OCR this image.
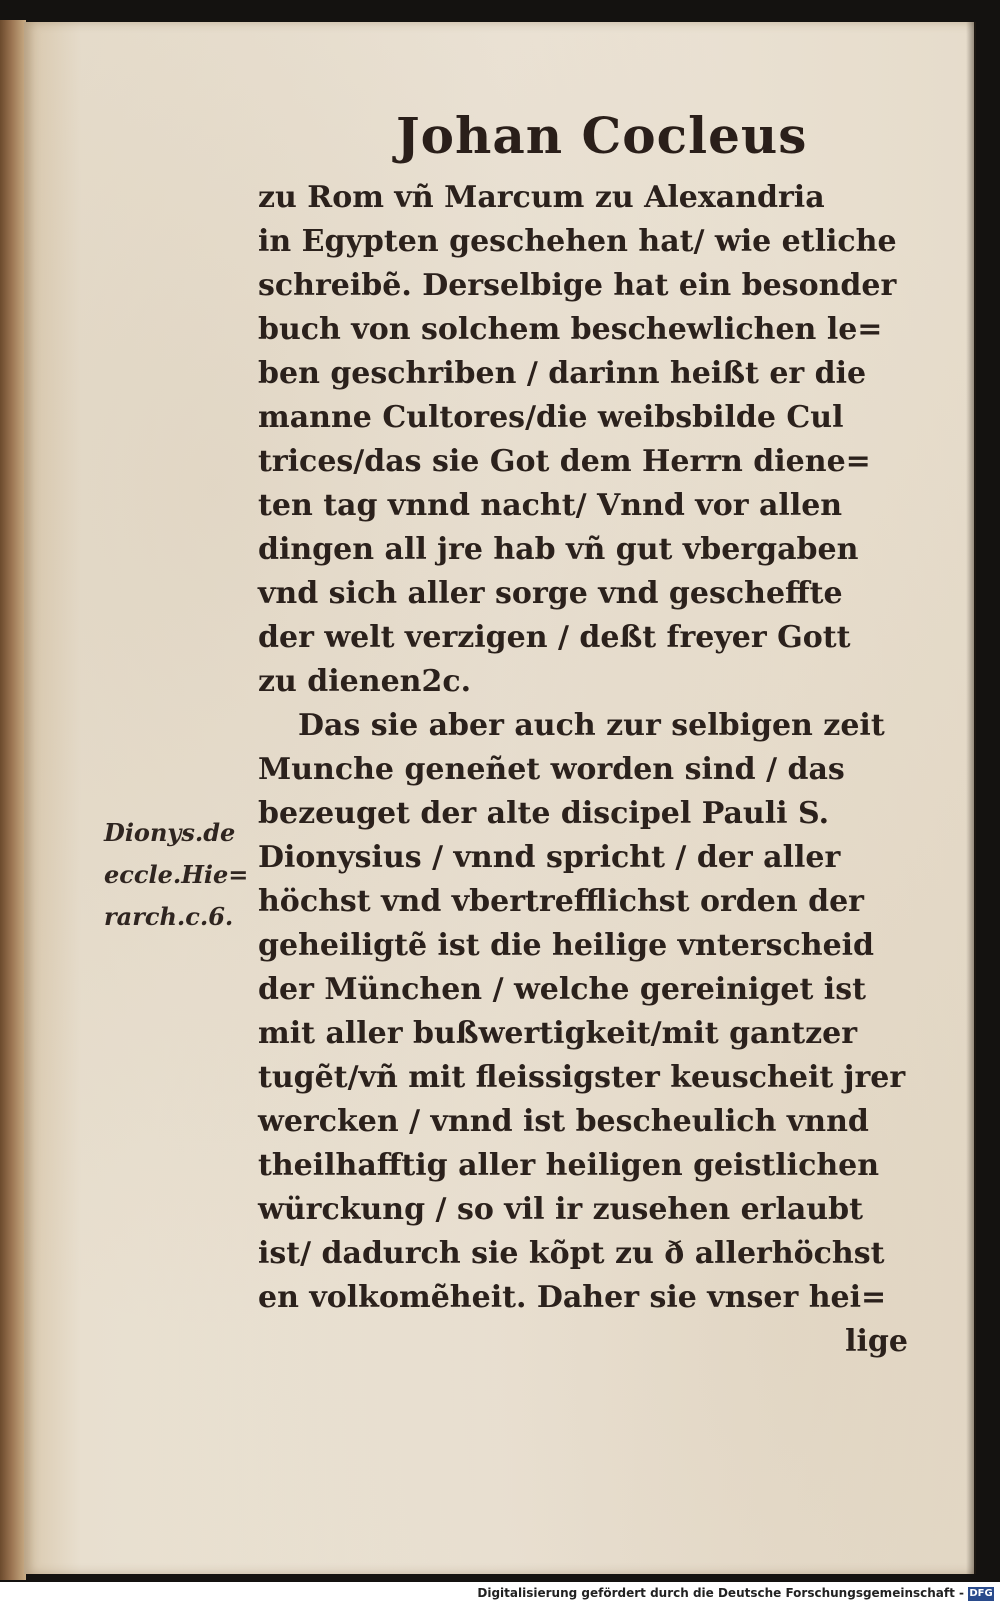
Johan Cocleus
zu Rom vñ Marcum zu Alexandria
in Egypten geschehen hat/ wie etliche
schreibẽ. Derselbige hat ein besonder
buch von solchem beschewlichen le=
ben geschriben / darinn heißt er die
manne Cultores/die weibsbilde Cul
trices/das sie Got dem Herrn diene=
ten tag vnnd nacht/ Vnnd vor allen
dingen all jre hab vñ gut vbergaben
vnd sich aller sorge vnd gescheffte
der welt verzigen / deßt freyer Gott
zu dienen2c.
Das sie aber auch zur selbigen zeit
Munche geneñet worden sind / das
bezeuget der alte discipel Pauli S.
Dionysius / vnnd spricht / der aller
höchst vnd vbertrefflichst orden der
geheiligtẽ ist die heilige vnterscheid
der München / welche gereiniget ist
mit aller bußwertigkeit/mit gantzer
tugẽt/vñ mit fleissigster keuscheit jrer
wercken / vnnd ist bescheulich vnnd
theilhafftig aller heiligen geistlichen
würckung / so vil ir zusehen erlaubt
ist/ dadurch sie kõpt zu ð allerhöchst
en volkomẽheit. Daher sie vnser hei=
lige
Dionys.de
eccle.Hie=
rarch.c.6.
Digitalisierung gefördert durch die Deutsche Forschungsgemeinschaft - DFG
